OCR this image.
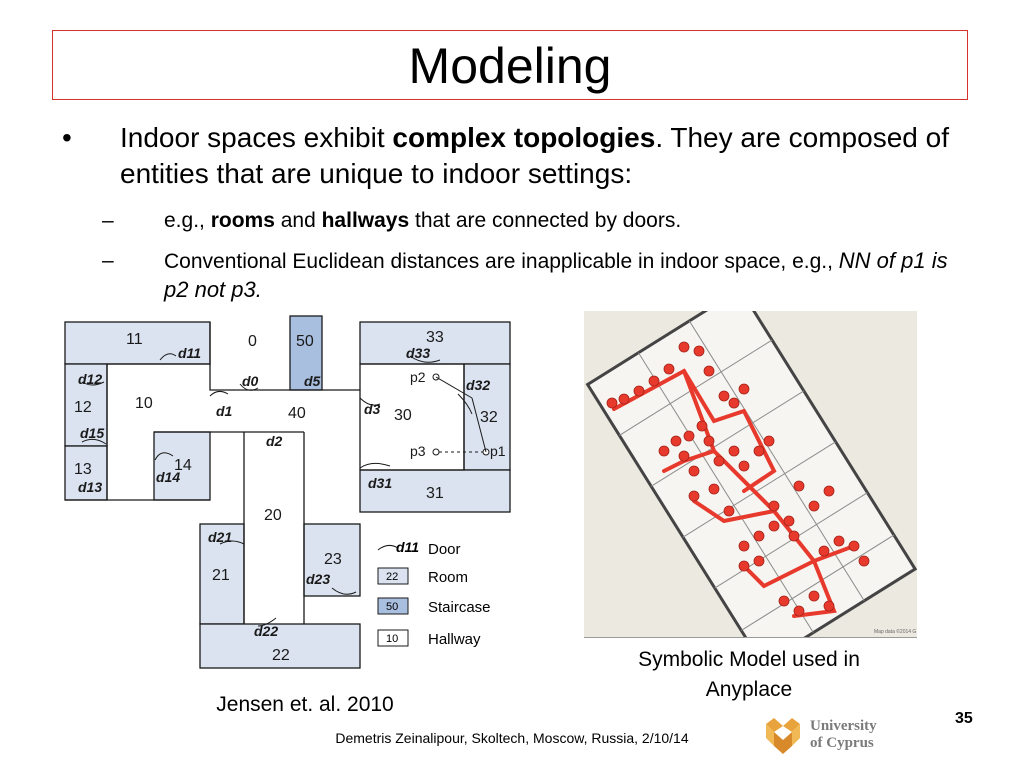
Modeling
• Indoor spaces exhibit complex topologies. They are composed of entities that are unique to indoor settings:
– e.g., rooms and hallways that are connected by doors.
– Conventional Euclidean distances are inapplicable in indoor space, e.g., NN of p1 is p2 not p3.
11	0 50	33
10
12
13	14
40	30	32
31
20
21
23
22
d11
d12
d15
d13
d14
d0	d5
d1
d2
d3
d33
d32
d31
d21
d23
d22
p2
p3	p1
d11 Door
22 Room
50 Staircase
10 Hallway
Jensen et. al. 2010
Map data ©2014 G
Symbolic Model used in
Anyplace
University
of Cyprus
35
Demetris Zeinalipour, Skoltech, Moscow, Russia, 2/10/14
